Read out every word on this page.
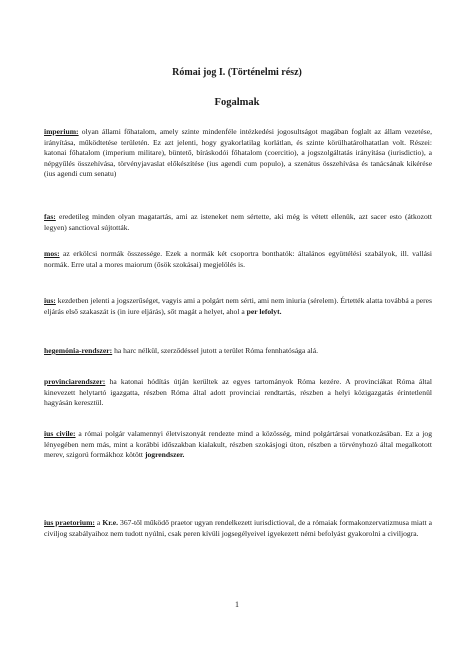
Római jog I. (Történelmi rész)
Fogalmak
imperium: olyan állami főhatalom, amely szinte mindenféle intézkedési jogosultságot magában foglalt az állam vezetése, irányítása, működtetése területén. Ez azt jelenti, hogy gyakorlatilag korlátlan, és szinte körülhatárolhatatlan volt. Részei: katonai főhatalom (imperium militare), büntető, bíráskodói főhatalom (coercitio), a jogszolgáltatás irányítása (iurisdictio), a népgyűlés összehívása, törvényjavaslat előkészítése (ius agendi cum populo), a szenátus összehívása és tanácsának kikérése (ius agendi cum senatu)
fas: eredetileg minden olyan magatartás, ami az isteneket nem sértette, aki még is vétett ellenük, azt sacer esto (átkozott legyen) sanctioval sújtották.
mos: az erkölcsi normák összessége. Ezek a normák két csoportra bonthatók: általános együttélési szabályok, ill. vallási normák. Erre utal a mores maiorum (ősök szokásai) megjelölés is.
ius: kezdetben jelenti a jogszerűséget, vagyis ami a polgárt nem sérti, ami nem iniuria (sérelem). Értették alatta továbbá a peres eljárás első szakaszát is (in iure eljárás), sőt magát a helyet, ahol a per lefolyt.
hegemónia-rendszer: ha harc nélkül, szerződéssel jutott a terület Róma fennhatósága alá.
provinciarendszer: ha katonai hódítás útján kerültek az egyes tartományok Róma kezére. A provinciákat Róma által kinevezett helytartó igazgatta, részben Róma által adott provinciai rendtartás, részben a helyi közigazgatás érintetlenül hagyásán keresztül.
ius civile: a római polgár valamennyi életviszonyát rendezte mind a közösség, mind polgártársai vonatkozásában. Ez a jog lényegében nem más, mint a korábbi időszakban kialakult, részben szokásjogi úton, részben a törvényhozó által megalkotott merev, szigorú formákhoz kötött jogrendszer.
ius praetorium: a Kr.e. 367-től működő praetor ugyan rendelkezett iurisdictioval, de a rómaiak formakonzervatizmusa miatt a civiljog szabályaihoz nem tudott nyúlni, csak peren kívüli jogsegélyeivel igyekezett némi befolyást gyakorolni a civiljogra.
1
